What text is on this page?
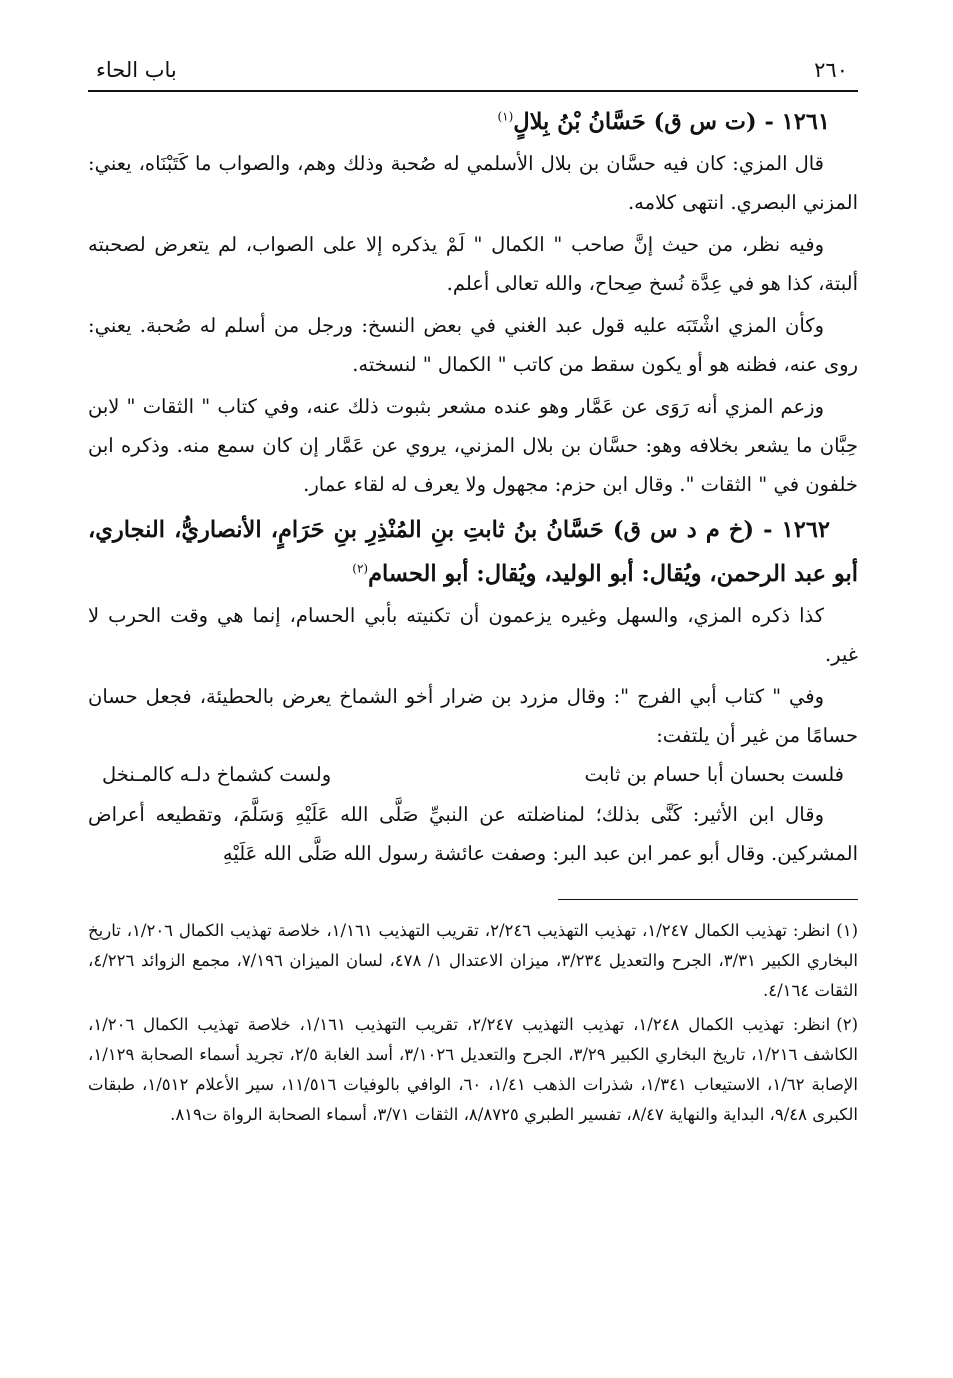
٢٦٠
باب الحاء

١٢٦١ - (ت س ق) حَسَّانُ بْنُ بِلالٍ$^{(١)}$

قال المزي: كان فيه حسَّان بن بلال الأسلمي له صُحبة وذلك وهم، والصواب ما كَتَبْنَاه، يعني: المزني البصري. انتهى كلامه.

وفيه نظر، من حيث إنَّ صاحب " الكمال " لَمْ يذكره إلا على الصواب، لم يتعرض لصحبته ألبتة، كذا هو في عِدَّة نُسخ صِحاح، والله تعالى أعلم.

وكأن المزي اشْتَبَه عليه قول عبد الغني في بعض النسخ: ورجل من أسلم له صُحبة. يعني: روى عنه، فظنه هو أو يكون سقط من كاتب " الكمال " لنسخته.

وزعم المزي أنه رَوَى عن عَمَّار وهو عنده مشعر بثبوت ذلك عنه، وفي كتاب " الثقات " لابن حِبَّان ما يشعر بخلافه وهو: حسَّان بن بلال المزني، يروي عن عَمَّار إن كان سمع منه. وذكره ابن خلفون في " الثقات ". وقال ابن حزم: مجهول ولا يعرف له لقاء عمار.

١٢٦٢ - (خ م د س ق) حَسَّانُ بنُ ثابتِ بنِ المُنْذِرِ بنِ حَرَامٍ، الأنصاريُّ، النجاري، أبو عبد الرحمن، ويُقال: أبو الوليد، ويُقال: أبو الحسام$^{(٢)}$

كذا ذكره المزي، والسهل وغيره يزعمون أن تكنيته بأبي الحسام، إنما هي وقت الحرب لا غير.

وفي " كتاب أبي الفرج ": وقال مزرد بن ضرار أخو الشماخ يعرض بالحطيئة، فجعل حسان حسامًا من غير أن يلتفت:

فلست بحسان أبا حسام بن ثابت
ولست كشماخ دلـه كالمـنخل

وقال ابن الأثير: كَنَّى بذلك؛ لمناضلته عن النبيِّ صَلَّى الله عَلَيْهِ وَسَلَّمَ، وتقطيعه أعراض المشركين. وقال أبو عمر ابن عبد البر: وصفت عائشة رسول الله صَلَّى الله عَلَيْهِ

(١)انظر: تهذيب الكمال ١/٢٤٧، تهذيب التهذيب ٢/٢٤٦، تقريب التهذيب ١/١٦١، خلاصة تهذيب الكمال ١/٢٠٦، تاريخ البخاري الكبير ٣/٣١، الجرح والتعديل ٣/٢٣٤، ميزان الاعتدال ١/ ٤٧٨، لسان الميزان ٧/١٩٦، مجمع الزوائد ٤/٢٢٦، الثقات ٤/١٦٤.

(٢)انظر: تهذيب الكمال ١/٢٤٨، تهذيب التهذيب ٢/٢٤٧، تقريب التهذيب ١/١٦١، خلاصة تهذيب الكمال ١/٢٠٦، الكاشف ١/٢١٦، تاريخ البخاري الكبير ٣/٢٩، الجرح والتعديل ٣/١٠٢٦، أسد الغابة ٢/٥، تجريد أسماء الصحابة ١/١٢٩، الإصابة ١/٦٢، الاستيعاب ١/٣٤١، شذرات الذهب ١/٤١، ٦٠، الوافي بالوفيات ١١/٥١٦، سير الأعلام ١/٥١٢، طبقات الكبرى ٩/٤٨، البداية والنهاية ٨/٤٧، تفسير الطبري ٨/٨٧٢٥، الثقات ٣/٧١، أسماء الصحابة الرواة ت٨١٩.
